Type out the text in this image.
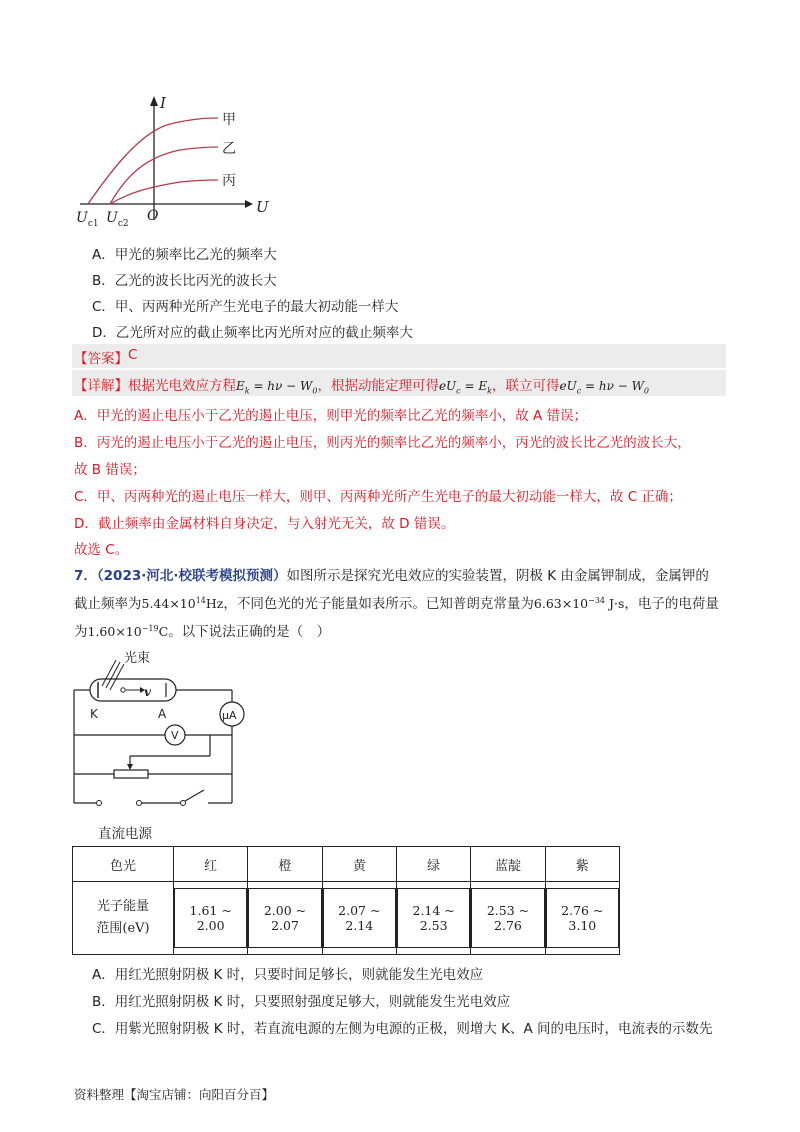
I
U
甲
乙
丙
O
$U_{c1}$ $U_{c2}$
A．甲光的频率比乙光的频率大
B．乙光的波长比丙光的波长大
C．甲、丙两种光所产生光电子的最大初动能一样大
D．乙光所对应的截止频率比丙光所对应的截止频率大
【答案】 C
【详解】根据光电效应方程$E_k = h\nu - W_0$，根据动能定理可得$eU_c = E_k$，联立可得$eU_c = h\nu - W_0$
A．甲光的遏止电压小于乙光的遏止电压，则甲光的频率比乙光的频率小，故 A 错误；
B．丙光的遏止电压小于乙光的遏止电压，则丙光的频率比乙光的频率小，丙光的波长比乙光的波长大，
故 B 错误；
C．甲、丙两种光的遏止电压一样大，则甲、丙两种光所产生光电子的最大初动能一样大，故 C 正确；
D．截止频率由金属材料自身决定，与入射光无关，故 D 错误。
故选 C。
7．（2023·河北·校联考模拟预测）如图所示是探究光电效应的实验装置，阴极 K 由金属钾制成，金属钾的
截止频率为$5.44\times 10^{14}Hz$，不同色光的光子能量如表所示。已知普朗克常量为$6.63\times 10^{-34}$ J·s，电子的电荷量
为$1.60\times 10^{-19}C$。以下说法正确的是（　）
光束
v
K	A	μA
V
直流电源
色光	红	橙	黄	绿	蓝靛	紫
光子能量
范围(eV)	1.61 ~ 2.00	2.00 ~ 2.07	2.07 ~ 2.14	2.14 ~ 2.53	2.53 ~ 2.76	2.76 ~ 3.10
A．用红光照射阴极 K 时，只要时间足够长，则就能发生光电效应
B．用红光照射阴极 K 时，只要照射强度足够大，则就能发生光电效应
C．用紫光照射阴极 K 时，若直流电源的左侧为电源的正极，则增大 K、A 间的电压时，电流表的示数先
资料整理【淘宝店铺：向阳百分百】
